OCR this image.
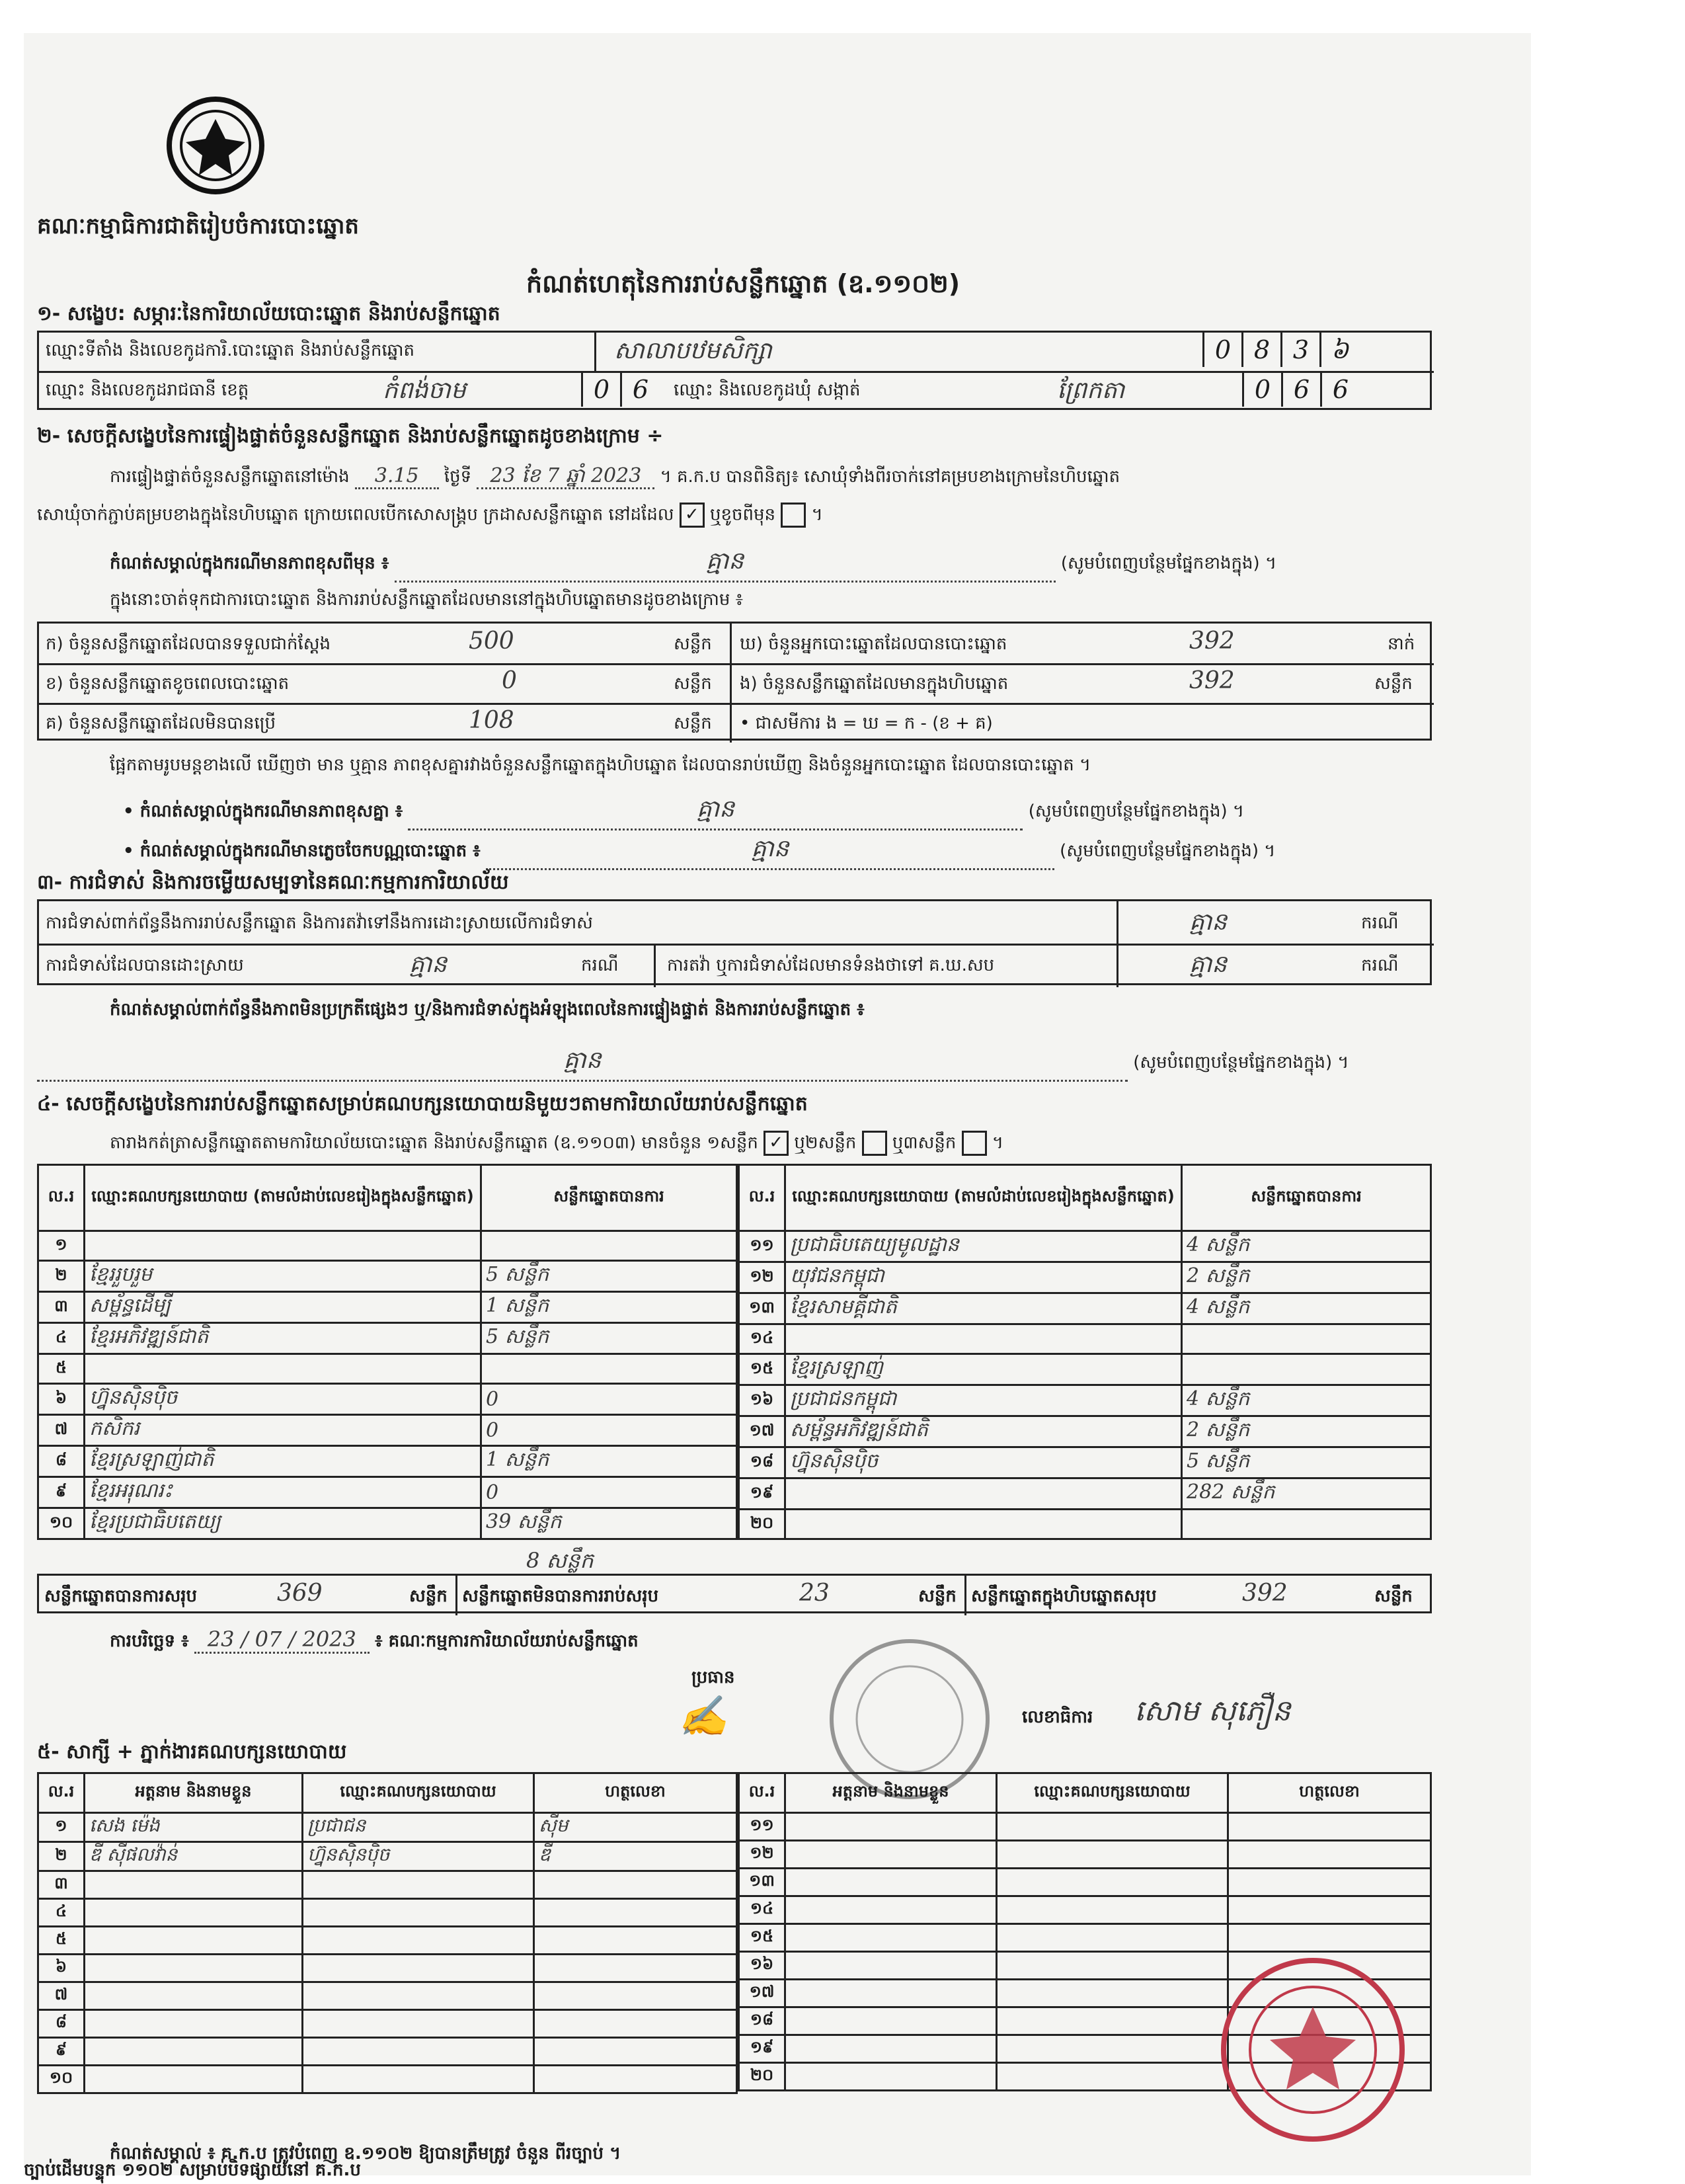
គណៈកម្មាធិការជាតិរៀបចំការបោះឆ្នោត
កំណត់ហេតុនៃការរាប់សន្លឹកឆ្នោត (ឧ.១១០២)
១- សង្ខេប: សម្ភារៈនៃការិយាល័យបោះឆ្នោត និងរាប់សន្លឹកឆ្នោត
ឈ្មោះទីតាំង និងលេខកូដការិ.បោះឆ្នោត និងរាប់សន្លឹកឆ្នោត	សាលាបឋមសិក្សា	0 8 3 ៦
ឈ្មោះ និងលេខកូដរាជធានី ខេត្ត	កំពង់ចាម	0 6	ឈ្មោះ និងលេខកូដឃុំ សង្កាត់	ព្រែកតា	0 6 6
២- សេចក្តីសង្ខេបនៃការផ្ទៀងផ្ទាត់ចំនួនសន្លឹកឆ្នោត និងរាប់សន្លឹកឆ្នោតដូចខាងក្រោម ÷
ការផ្ទៀងផ្ទាត់ចំនួនសន្លឹកឆ្នោតនៅម៉ោង 3.15 ថ្ងៃទី 23 ខែ 7 ឆ្នាំ 2023 ។ គ.ក.ប បានពិនិត្យ៖ សោឃុំទាំងពីរចាក់នៅគម្របខាងក្រោមនៃហិបឆ្នោត
សោឃុំចាក់ភ្ជាប់គម្របខាងក្នុងនៃហិបឆ្នោត ក្រោយពេលបើកសោសង្គ្រប ក្រដាសសន្លឹកឆ្នោត នៅដដែល ✓ ឬខូចពីមុន  ។
កំណត់សម្គាល់ក្នុងករណីមានភាពខុសពីមុន ៖	គ្មាន	(សូមបំពេញបន្ថែមផ្នែកខាងក្នុង) ។
ក្នុងនោះចាត់ទុកជាការបោះឆ្នោត និងការរាប់សន្លឹកឆ្នោតដែលមាននៅក្នុងហិបឆ្នោតមានដូចខាងក្រោម ៖
ក) ចំនួនសន្លឹកឆ្នោតដែលបានទទួលជាក់ស្តែង	500	សន្លឹក ឃ) ចំនួនអ្នកបោះឆ្នោតដែលបានបោះឆ្នោត	392	នាក់
ខ) ចំនួនសន្លឹកឆ្នោតខូចពេលបោះឆ្នោត	0	សន្លឹក ង) ចំនួនសន្លឹកឆ្នោតដែលមានក្នុងហិបឆ្នោត	392	សន្លឹក
គ) ចំនួនសន្លឹកឆ្នោតដែលមិនបានប្រើ	108	សន្លឹក • ជាសមីការ ង = ឃ = ក - (ខ + គ)
ផ្អែកតាមរូបមន្តខាងលើ ឃើញថា មាន ឬគ្មាន ភាពខុសគ្នារវាងចំនួនសន្លឹកឆ្នោតក្នុងហិបឆ្នោត ដែលបានរាប់ឃើញ និងចំនួនអ្នកបោះឆ្នោត ដែលបានបោះឆ្នោត ។
• កំណត់សម្គាល់ក្នុងករណីមានភាពខុសគ្នា ៖	គ្មាន	(សូមបំពេញបន្ថែមផ្នែកខាងក្នុង) ។
• កំណត់សម្គាល់ក្នុងករណីមានភ្លេចចែកបណ្ណបោះឆ្នោត ៖	គ្មាន	(សូមបំពេញបន្ថែមផ្នែកខាងក្នុង) ។
៣- ការជំទាស់ និងការចម្លើយសម្បទានៃគណៈកម្មការការិយាល័យ
ការជំទាស់ពាក់ព័ន្ធនឹងការរាប់សន្លឹកឆ្នោត និងការតវ៉ាទៅនឹងការដោះស្រាយលើការជំទាស់	គ្មាន	ករណី
ការជំទាស់ដែលបានដោះស្រាយ	គ្មាន	ករណី	ការតវ៉ា ឬការជំទាស់ដែលមានទំនងថាទៅ គ.ឃ.សប	គ្មាន	ករណី
កំណត់សម្គាល់ពាក់ព័ន្ធនឹងភាពមិនប្រក្រតីផ្សេងៗ ឬ/និងការជំទាស់ក្នុងអំឡុងពេលនៃការផ្ទៀងផ្ទាត់ និងការរាប់សន្លឹកឆ្នោត ៖
គ្មាន	(សូមបំពេញបន្ថែមផ្នែកខាងក្នុង) ។
៤- សេចក្តីសង្ខេបនៃការរាប់សន្លឹកឆ្នោតសម្រាប់គណបក្សនយោបាយនិមួយៗតាមការិយាល័យរាប់សន្លឹកឆ្នោត
តារាងកត់ត្រាសន្លឹកឆ្នោតតាមការិយាល័យបោះឆ្នោត និងរាប់សន្លឹកឆ្នោត (ឧ.១១០៣) មានចំនួន ១សន្លឹក ✓ ឬ២សន្លឹក ឬ៣សន្លឹក  ។
ល.រ	ឈ្មោះគណបក្សនយោបាយ (តាមលំដាប់លេខរៀងក្នុងសន្លឹកឆ្នោត)	សន្លឹកឆ្នោតបានការ
១		
២	ខ្មែររួបរួម	5 សន្លឹក
៣	សម្ព័ន្ធដើម្បី	1 សន្លឹក
៤	ខ្មែរអភិវឌ្ឍន៍ជាតិ	5 សន្លឹក
៥		
៦	ហ្វ៊ុនស៊ិនប៉ិច	0
៧	កសិករ	0
៨	ខ្មែរស្រឡាញ់ជាតិ	1 សន្លឹក
៩	ខ្មែរអរុណរះ	0
១០	ខ្មែរប្រជាធិបតេយ្យ	39 សន្លឹក
ល.រ	ឈ្មោះគណបក្សនយោបាយ (តាមលំដាប់លេខរៀងក្នុងសន្លឹកឆ្នោត)	សន្លឹកឆ្នោតបានការ
១១	ប្រជាធិបតេយ្យមូលដ្ឋាន	4 សន្លឹក
១២	យុវជនកម្ពុជា	2 សន្លឹក
១៣	ខ្មែរសាមគ្គីជាតិ	4 សន្លឹក
១៤		
១៥	ខ្មែរស្រឡាញ់	
១៦	ប្រជាជនកម្ពុជា	4 សន្លឹក
១៧	សម្ព័ន្ធអភិវឌ្ឍន៍ជាតិ	2 សន្លឹក
១៨	ហ្វ៊ុនស៊ិនប៉ិច	5 សន្លឹក
១៩		282 សន្លឹក
២០		
8 សន្លឹក
សន្លឹកឆ្នោតបានការសរុប	369	សន្លឹក សន្លឹកឆ្នោតមិនបានការរាប់សរុប	23	សន្លឹក សន្លឹកឆ្នោតក្នុងហិបឆ្នោតសរុប	392	សន្លឹក
ការបរិច្ឆេទ ៖ 23 / 07 / 2023 ៖ គណៈកម្មការការិយាល័យរាប់សន្លឹកឆ្នោត
ប្រធាន
✍	លេខាធិការ សោម សុភឿន
៥- សាក្សី + ភ្នាក់ងារគណបក្សនយោបាយ
ល.រ	អត្តនាម និងនាមខ្លួន	ឈ្មោះគណបក្សនយោបាយ	ហត្ថលេខា
១	សេង ម៉េង	ប្រជាជន	ស៊ីម
២	ឌី ស៊ីផលវ៉ាន់	ហ្វ៊ុនស៊ិនប៉ិច	ឌី
៣			
៤			
៥			
៦			
៧			
៨			
៩			
១០			
ល.រ	អត្តនាម និងនាមខ្លួន	ឈ្មោះគណបក្សនយោបាយ	ហត្ថលេខា
១១			
១២			
១៣			
១៤			
១៥			
១៦			
១៧			
១៨			
១៩			
២០			
កំណត់សម្គាល់ ៖ គ.ក.ប ត្រូវបំពេញ ឧ.១១០២ ឱ្យបានត្រឹមត្រូវ ចំនួន ពីរច្បាប់ ។
ច្បាប់ដើមបន្ទុក ១១០២ សម្រាប់បិទផ្សាយនៅ គ.ក.ប
